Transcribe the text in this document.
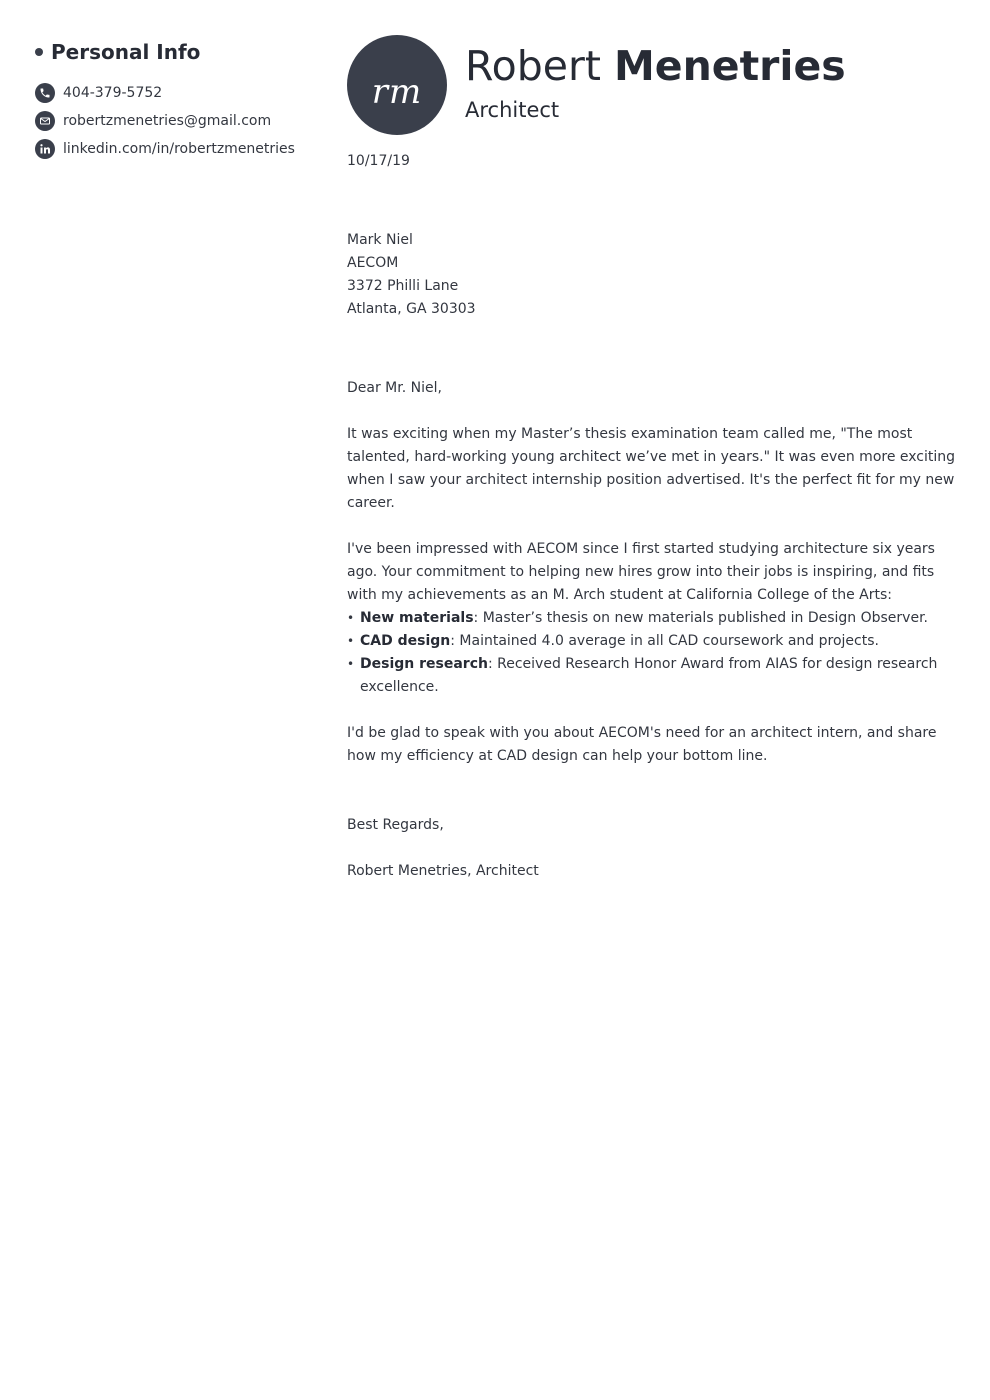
Personal Info
404-379-5752
robertzmenetries@gmail.com
linkedin.com/in/robertzmenetries
rm
Robert Menetries

Architect

10/17/19

Mark Niel

AECOM

3372 Philli Lane

Atlanta, GA 30303

Dear Mr. Niel,

It was exciting when my Master’s thesis examination team called me, "The most talented, hard-working young architect we’ve met in years." It was even more exciting when I saw your architect internship position advertised. It's the perfect fit for my new career.

I've been impressed with AECOM since I first started studying architecture six years ago. Your commitment to helping new hires grow into their jobs is inspiring, and fits with my achievements as an M. Arch student at California College of the Arts:

• New materials: Master’s thesis on new materials published in Design Observer.
• CAD design: Maintained 4.0 average in all CAD coursework and projects.
• Design research: Received Research Honor Award from AIAS for design research excellence.

I'd be glad to speak with you about AECOM's need for an architect intern, and share how my efficiency at CAD design can help your bottom line.

Best Regards,

Robert Menetries, Architect
